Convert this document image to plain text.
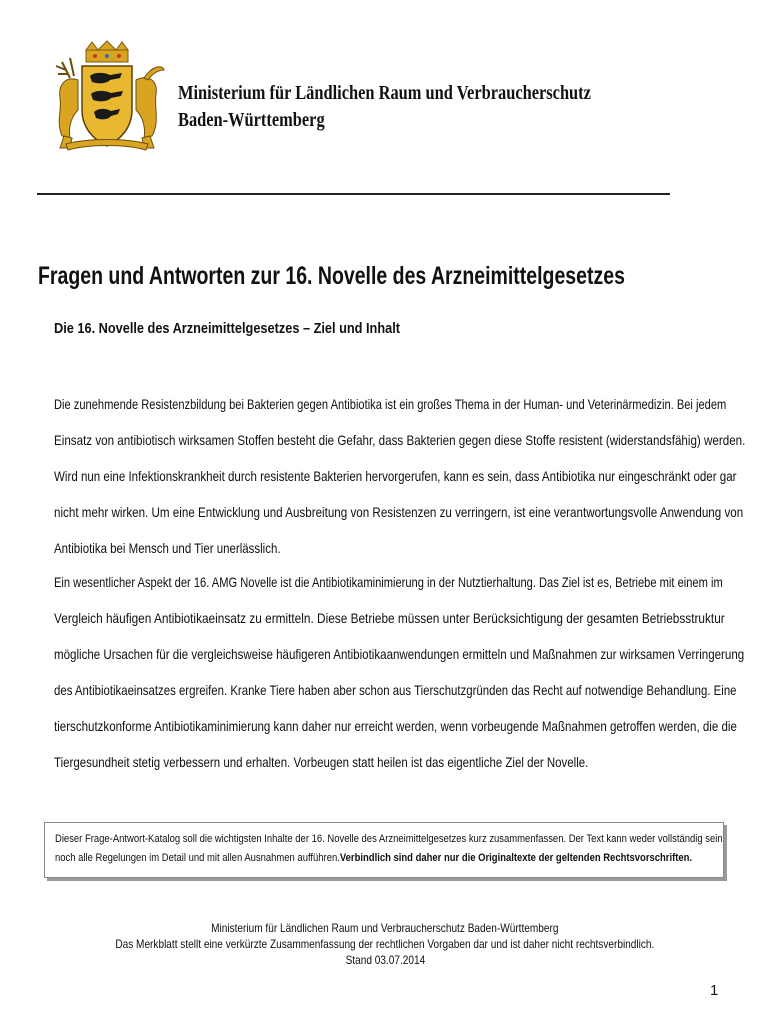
Ministerium für Ländlichen Raum und Verbraucherschutz
Baden-Württemberg
Fragen und Antworten zur 16. Novelle des Arzneimittelgesetzes
Die 16. Novelle des Arzneimittelgesetzes – Ziel und Inhalt
Die zunehmende Resistenzbildung bei Bakterien gegen Antibiotika ist ein großes Thema in der Human- und Veterinärmedizin. Bei jedem
Einsatz von antibiotisch wirksamen Stoffen besteht die Gefahr, dass Bakterien gegen diese Stoffe resistent (widerstandsfähig) werden.
Wird nun eine Infektionskrankheit durch resistente Bakterien hervorgerufen, kann es sein, dass Antibiotika nur eingeschränkt oder gar
nicht mehr wirken. Um eine Entwicklung und Ausbreitung von Resistenzen zu verringern, ist eine verantwortungsvolle Anwendung von
Antibiotika bei Mensch und Tier unerlässlich.
Ein wesentlicher Aspekt der 16. AMG Novelle ist die Antibiotikaminimierung in der Nutztierhaltung. Das Ziel ist es, Betriebe mit einem im
Vergleich häufigen Antibiotikaeinsatz zu ermitteln. Diese Betriebe müssen unter Berücksichtigung der gesamten Betriebsstruktur
mögliche Ursachen für die vergleichsweise häufigeren Antibiotikaanwendungen ermitteln und Maßnahmen zur wirksamen Verringerung
des Antibiotikaeinsatzes ergreifen. Kranke Tiere haben aber schon aus Tierschutzgründen das Recht auf notwendige Behandlung. Eine
tierschutzkonforme Antibiotikaminimierung kann daher nur erreicht werden, wenn vorbeugende Maßnahmen getroffen werden, die die
Tiergesundheit stetig verbessern und erhalten. Vorbeugen statt heilen ist das eigentliche Ziel der Novelle.
Dieser Frage-Antwort-Katalog soll die wichtigsten Inhalte der 16. Novelle des Arzneimittelgesetzes kurz zusammenfassen. Der Text kann weder vollständig sein
noch alle Regelungen im Detail und mit allen Ausnahmen aufführen.Verbindlich sind daher nur die Originaltexte der geltenden Rechtsvorschriften.
Ministerium für Ländlichen Raum und Verbraucherschutz Baden-Württemberg
Das Merkblatt stellt eine verkürzte Zusammenfassung der rechtlichen Vorgaben dar und ist daher nicht rechtsverbindlich.
Stand 03.07.2014
1
